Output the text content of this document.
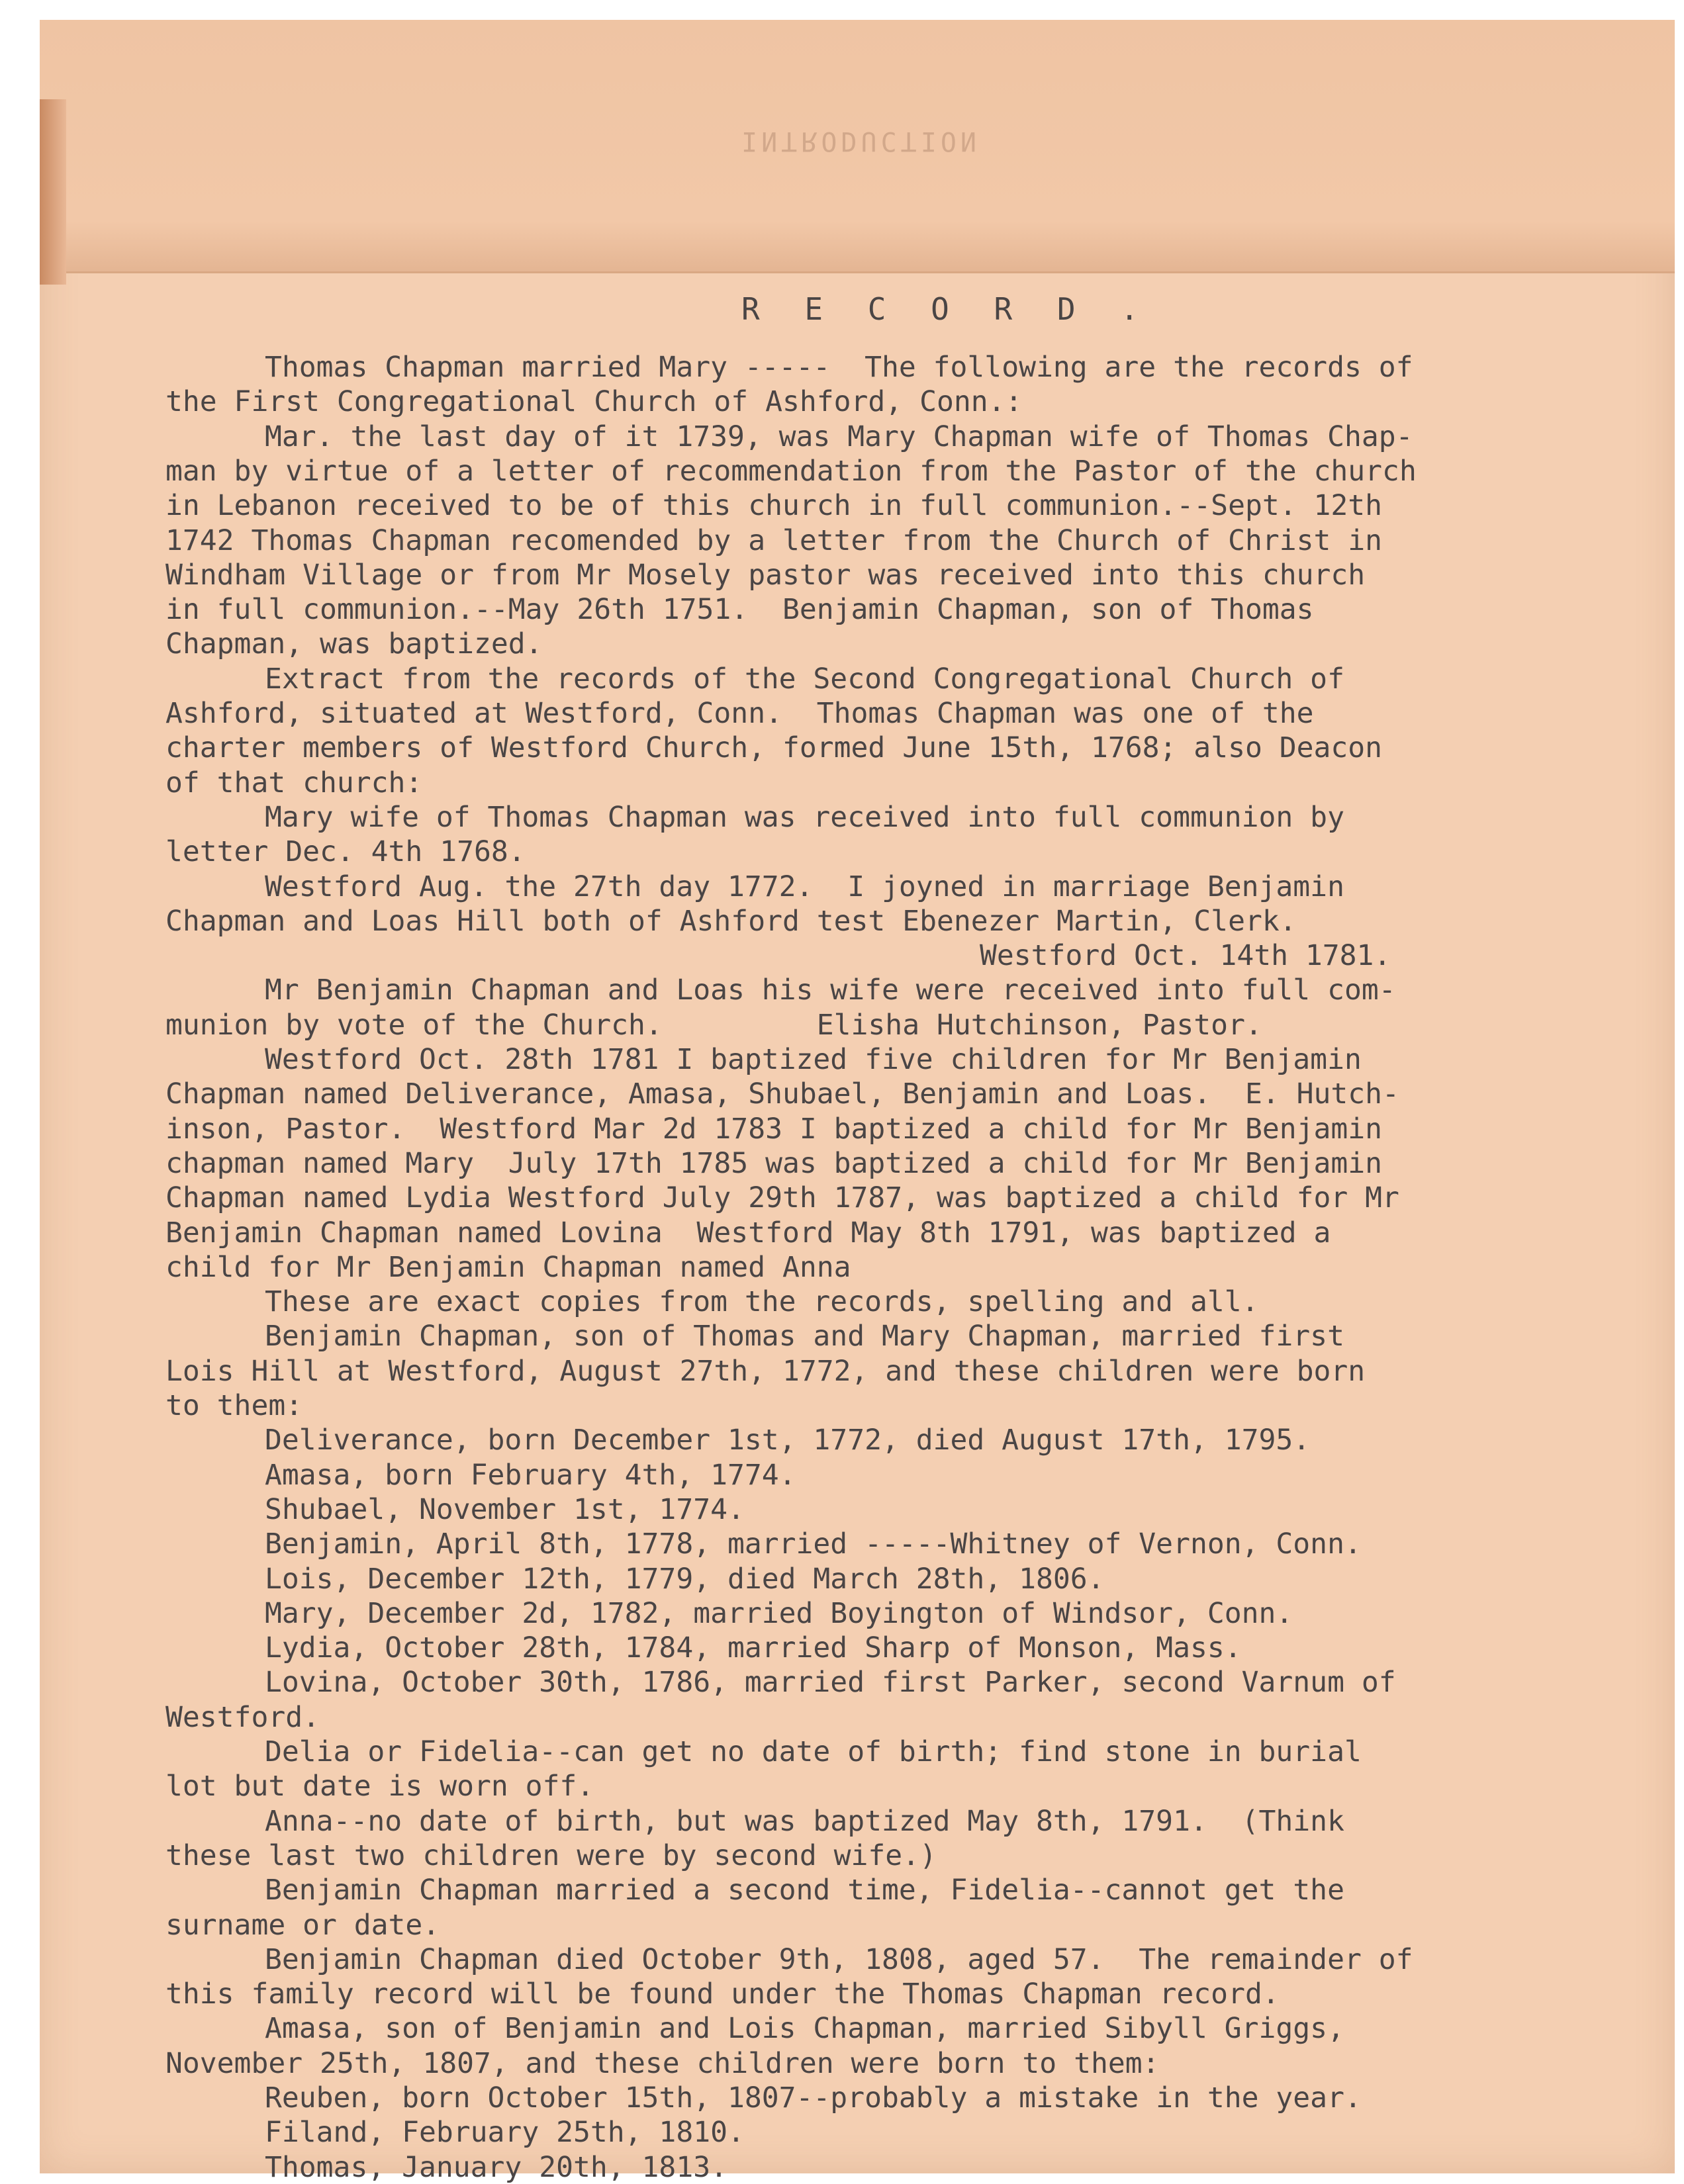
INTRODUCTION
R E C O R D .
Thomas Chapman married Mary -----  The following are the records of
the First Congregational Church of Ashford, Conn.:
Mar. the last day of it 1739, was Mary Chapman wife of Thomas Chap-
man by virtue of a letter of recommendation from the Pastor of the church
in Lebanon received to be of this church in full communion.--Sept. 12th
1742 Thomas Chapman recomended by a letter from the Church of Christ in
Windham Village or from Mr Mosely pastor was received into this church
in full communion.--May 26th 1751.  Benjamin Chapman, son of Thomas
Chapman, was baptized.
Extract from the records of the Second Congregational Church of
Ashford, situated at Westford, Conn.  Thomas Chapman was one of the
charter members of Westford Church, formed June 15th, 1768; also Deacon
of that church:
Mary wife of Thomas Chapman was received into full communion by
letter Dec. 4th 1768.
Westford Aug. the 27th day 1772.  I joyned in marriage Benjamin
Chapman and Loas Hill both of Ashford test Ebenezer Martin, Clerk.
Westford Oct. 14th 1781.
Mr Benjamin Chapman and Loas his wife were received into full com-
munion by vote of the Church.         Elisha Hutchinson, Pastor.
Westford Oct. 28th 1781 I baptized five children for Mr Benjamin
Chapman named Deliverance, Amasa, Shubael, Benjamin and Loas.  E. Hutch-
inson, Pastor.  Westford Mar 2d 1783 I baptized a child for Mr Benjamin
chapman named Mary  July 17th 1785 was baptized a child for Mr Benjamin
Chapman named Lydia Westford July 29th 1787, was baptized a child for Mr
Benjamin Chapman named Lovina  Westford May 8th 1791, was baptized a
child for Mr Benjamin Chapman named Anna
These are exact copies from the records, spelling and all.
Benjamin Chapman, son of Thomas and Mary Chapman, married first
Lois Hill at Westford, August 27th, 1772, and these children were born
to them:
Deliverance, born December 1st, 1772, died August 17th, 1795.
Amasa, born February 4th, 1774.
Shubael, November 1st, 1774.
Benjamin, April 8th, 1778, married -----Whitney of Vernon, Conn.
Lois, December 12th, 1779, died March 28th, 1806.
Mary, December 2d, 1782, married Boyington of Windsor, Conn.
Lydia, October 28th, 1784, married Sharp of Monson, Mass.
Lovina, October 30th, 1786, married first Parker, second Varnum of
Westford.
Delia or Fidelia--can get no date of birth; find stone in burial
lot but date is worn off.
Anna--no date of birth, but was baptized May 8th, 1791.  (Think
these last two children were by second wife.)
Benjamin Chapman married a second time, Fidelia--cannot get the
surname or date.
Benjamin Chapman died October 9th, 1808, aged 57.  The remainder of
this family record will be found under the Thomas Chapman record.
Amasa, son of Benjamin and Lois Chapman, married Sibyll Griggs,
November 25th, 1807, and these children were born to them:
Reuben, born October 15th, 1807--probably a mistake in the year.
Filand, February 25th, 1810.
Thomas, January 20th, 1813.
